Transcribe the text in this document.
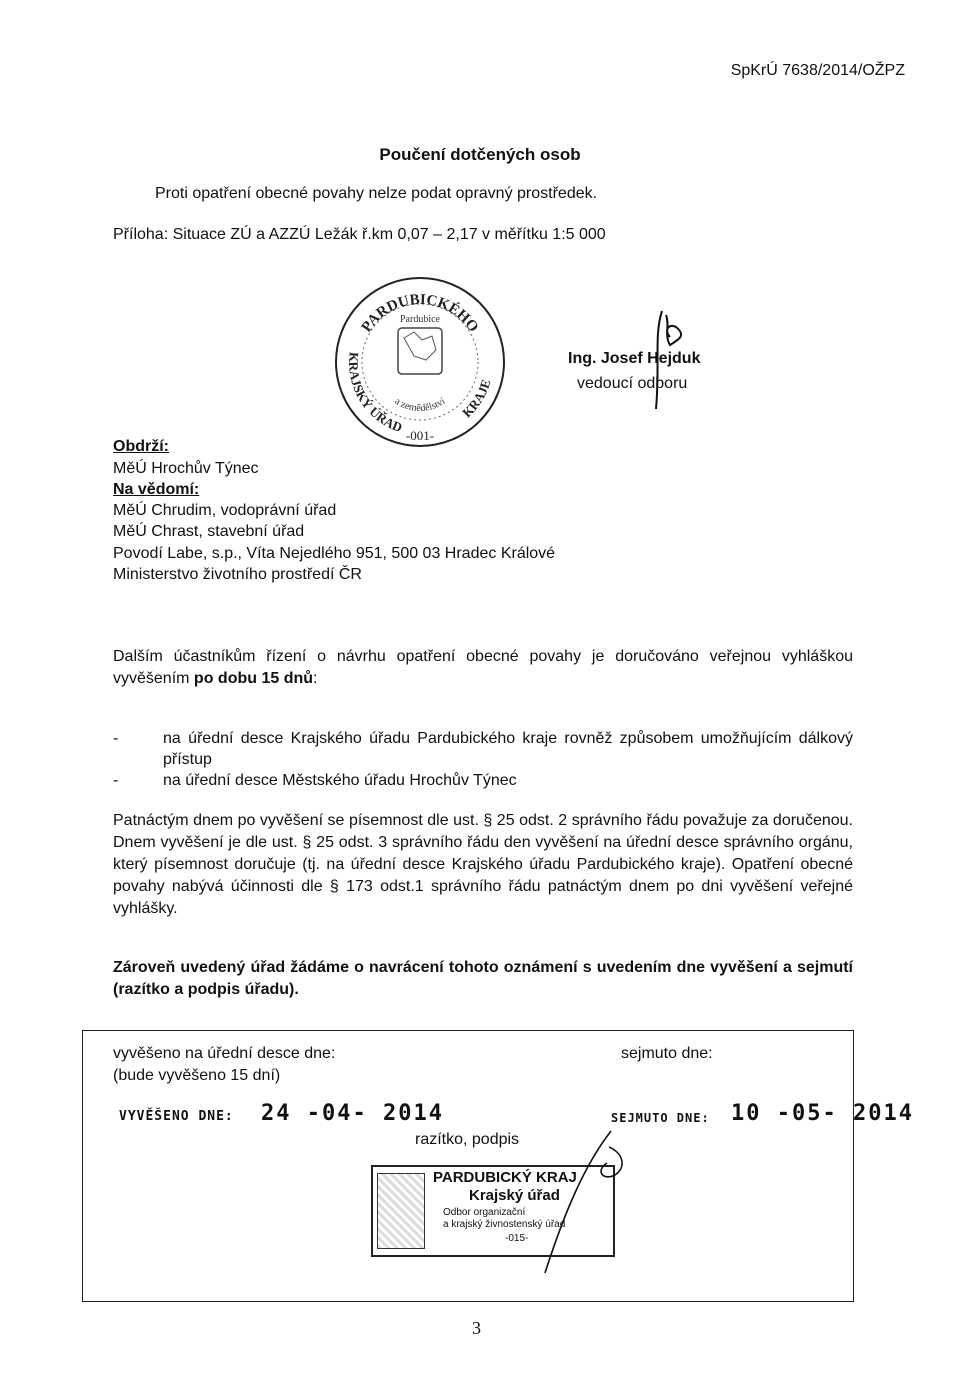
SpKrÚ 7638/2014/OŽPZ
Poučení dotčených osob
Proti opatření obecné povahy nelze podat opravný prostředek.
Příloha: Situace ZÚ a AZZÚ Ležák ř.km 0,07 – 2,17 v měřítku 1:5 000
PARDUBICKÉHO
KRAJSKÝ ÚŘAD
KRAJE
Pardubice
a zemědělství
-001-
Ing. Josef Hejduk
vedoucí odboru
Obdrží:
MěÚ Hrochův Týnec
Na vědomí:
MěÚ Chrudim, vodoprávní úřad
MěÚ Chrast, stavební úřad
Povodí Labe, s.p., Víta Nejedlého 951, 500 03 Hradec Králové
Ministerstvo životního prostředí ČR
Dalším účastníkům řízení o návrhu opatření obecné povahy je doručováno veřejnou vyhláškou vyvěšením po dobu 15 dnů:
-	na úřední desce Krajského úřadu Pardubického kraje rovněž způsobem umožňujícím dálkový přístup
-	na úřední desce Městského úřadu Hrochův Týnec
Patnáctým dnem po vyvěšení se písemnost dle ust. § 25 odst. 2 správního řádu považuje za doručenou. Dnem vyvěšení je dle ust. § 25 odst. 3 správního řádu den vyvěšení na úřední desce správního orgánu, který písemnost doručuje (tj. na úřední desce Krajského úřadu Pardubického kraje). Opatření obecné povahy nabývá účinnosti dle § 173 odst.1 správního řádu patnáctým dnem po dni vyvěšení veřejné vyhlášky.
Zároveň uvedený úřad žádáme o navrácení tohoto oznámení s uvedením dne vyvěšení a sejmutí (razítko a podpis úřadu).
vyvěšeno na úřední desce dne:
(bude vyvěšeno 15 dní)
sejmuto dne:
VYVĚŠENO DNE: 24 -04- 2014	SEJMUTO DNE: 10 -05- 2014
razítko, podpis
PARDUBICKÝ KRAJ
Krajský úřad
Odbor organizační
a krajský živnostenský úřad
-015-
3
